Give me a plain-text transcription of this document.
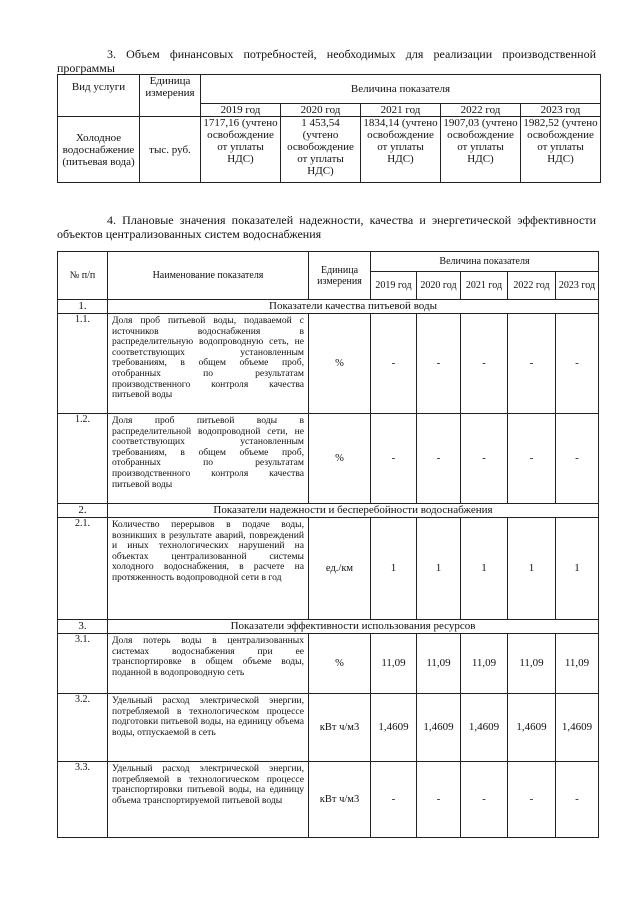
3. Объем финансовых потребностей, необходимых для реализации производственной программы
Вид услуги	Единица измерения	Величина показателя				
		2019 год	2020 год	2021 год	2022 год	2023 год
Холодное водоснабжение (питьевая вода)	тыс. руб.	1717,16 (учтено освобождение от уплаты НДС)	1 453,54 (учтено освобождение от уплаты НДС)	1834,14 (учтено освобождение от уплаты НДС)	1907,03 (учтено освобождение от уплаты НДС)	1982,52 (учтено освобождение от уплаты НДС)
4. Плановые значения показателей надежности, качества и энергетической эффективности объектов централизованных систем водоснабжения
№ п/п	Наименование показателя	Единица измерения	Величина показателя				
			2019 год	2020 год	2021 год	2022 год	2023 год
1.	Показатели качества питьевой воды						
1.1.	Доля проб питьевой воды, подаваемой с источников водоснабжения в распределительную водопроводную сеть, не соответствующих установленным требованиям, в общем объеме проб, отобранных по результатам производственного контроля качества питьевой воды	%	-	-	-	-	-
1.2.	Доля проб питьевой воды в распределительной водопроводной сети, не соответствующих установленным требованиям, в общем объеме проб, отобранных по результатам производственного контроля качества питьевой воды	%	-	-	-	-	-
2.	Показатели надежности и бесперебойности водоснабжения						
2.1.	Количество перерывов в подаче воды, возникших в результате аварий, повреждений и иных технологических нарушений на объектах централизованной системы холодного водоснабжения, в расчете на протяженность водопроводной сети в год	ед./км	1	1	1	1	1
3.	Показатели эффективности использования ресурсов						
3.1.	Доля потерь воды в централизованных системах водоснабжения при ее транспортировке в общем объеме воды, поданной в водопроводную сеть	%	11,09	11,09	11,09	11,09	11,09
3.2.	Удельный расход электрической энергии, потребляемой в технологическом процессе подготовки питьевой воды, на единицу объема воды, отпускаемой в сеть	кВт ч/м3	1,4609	1,4609	1,4609	1,4609	1,4609
3.3.	Удельный расход электрической энергии, потребляемой в технологическом процессе транспортировки питьевой воды, на единицу объема транспортируемой питьевой воды	кВт ч/м3	-	-	-	-	-
